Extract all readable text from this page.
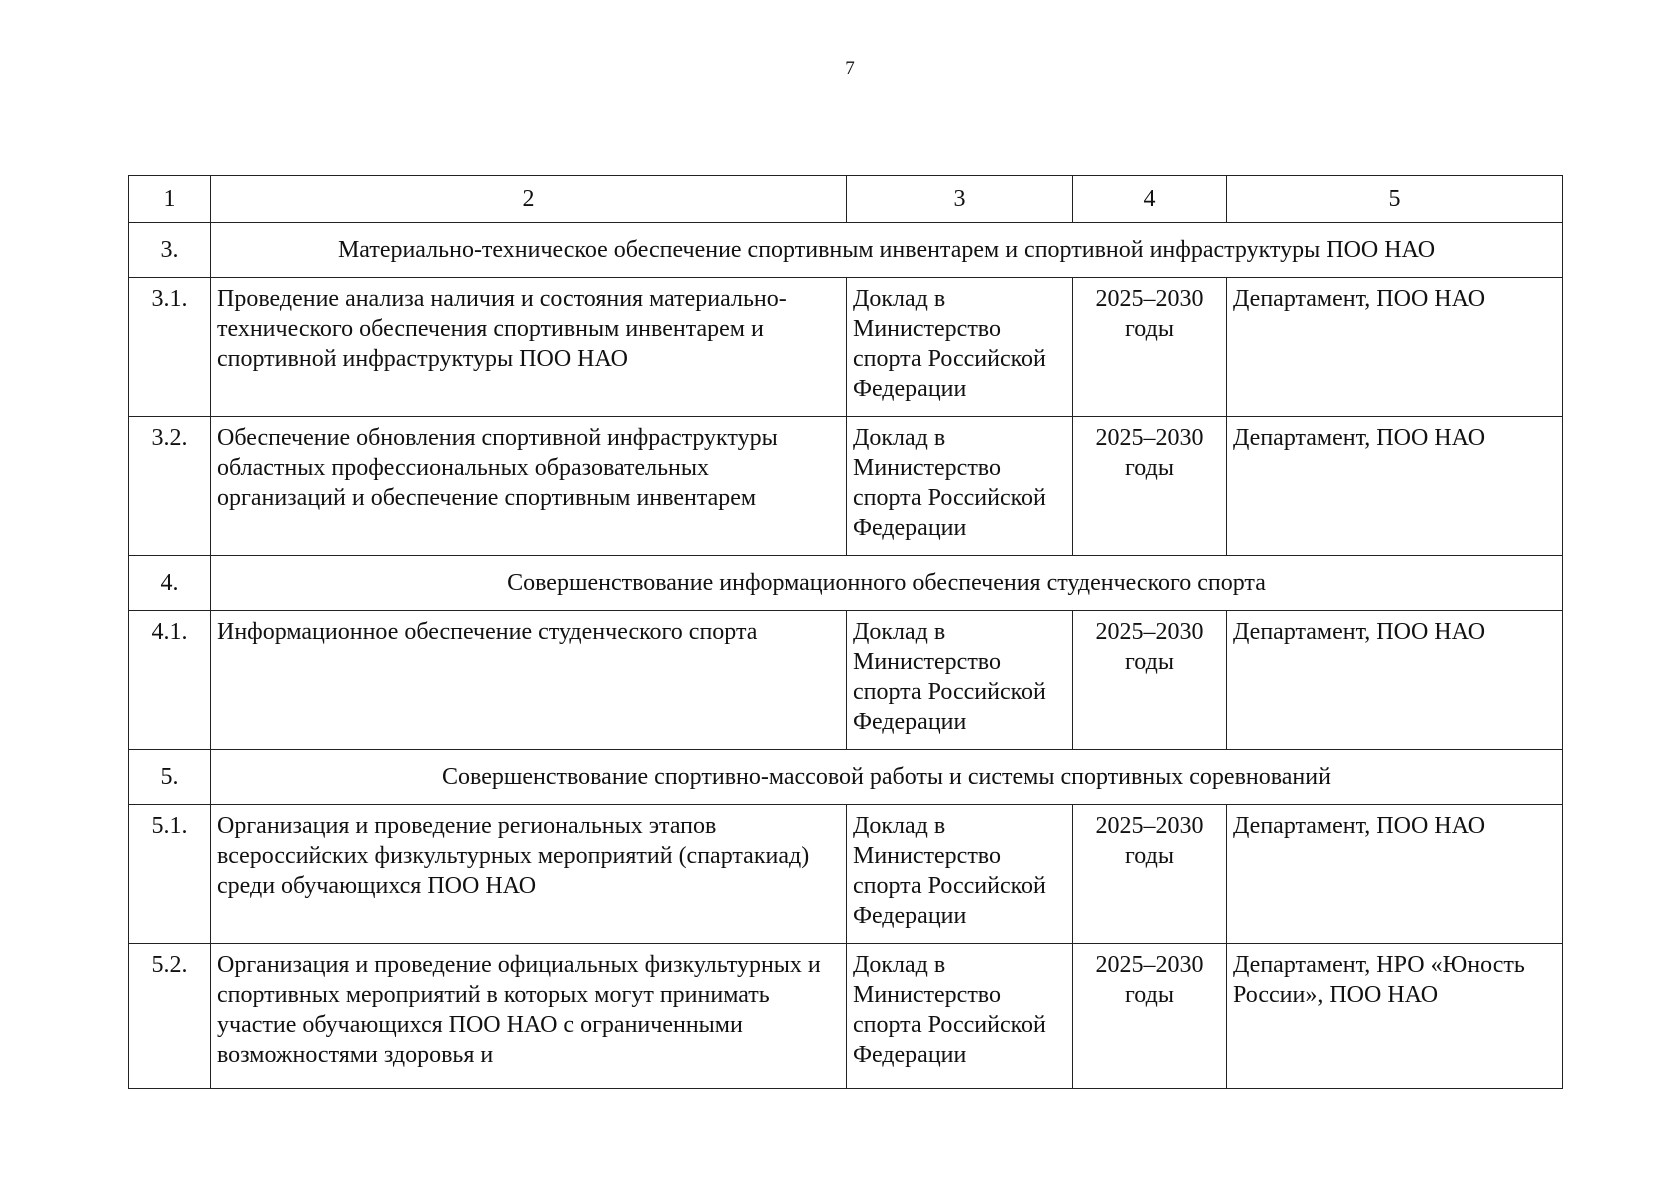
7
1	2	3	4	5
3.	Материально-техническое обеспечение спортивным инвентарем и спортивной инфраструктуры ПОО НАО			
3.1.	Проведение анализа наличия и состояния материально-технического обеспечения спортивным инвентарем и спортивной инфраструктуры ПОО НАО	Доклад в Министерство спорта Российской Федерации	2025–2030 годы	Департамент, ПОО НАО
3.2.	Обеспечение обновления спортивной инфраструктуры областных профессиональных образовательных организаций и обеспечение спортивным инвентарем	Доклад в Министерство спорта Российской Федерации	2025–2030 годы	Департамент, ПОО НАО
4.	Совершенствование информационного обеспечения студенческого спорта			
4.1.	Информационное обеспечение студенческого спорта	Доклад в Министерство спорта Российской Федерации	2025–2030 годы	Департамент, ПОО НАО
5.	Совершенствование спортивно-массовой работы и системы спортивных соревнований			
5.1.	Организация и проведение региональных этапов всероссийских физкультурных мероприятий (спартакиад) среди обучающихся ПОО НАО	Доклад в Министерство спорта Российской Федерации	2025–2030 годы	Департамент, ПОО НАО
5.2.	Организация и проведение официальных физкультурных и спортивных мероприятий в которых могут принимать участие обучающихся ПОО НАО с ограниченными возможностями здоровья и	Доклад в Министерство спорта Российской Федерации	2025–2030 годы	Департамент, НРО «Юность России», ПОО НАО
